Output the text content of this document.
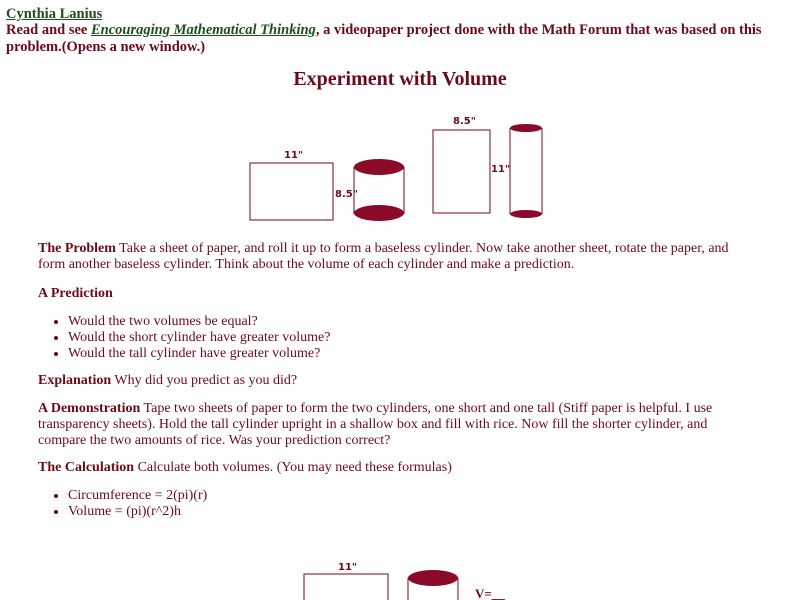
Cynthia Lanius
Read and see Encouraging Mathematical Thinking, a videopaper project done with the Math Forum that was based on this problem.(Opens a new window.)
Experiment with Volume
11"
8.5"
8.5"
11"
The Problem Take a sheet of paper, and roll it up to form a baseless cylinder. Now take another sheet, rotate the paper, and form another baseless cylinder. Think about the volume of each cylinder and make a prediction.
A Prediction
• Would the two volumes be equal?
• Would the short cylinder have greater volume?
• Would the tall cylinder have greater volume?
Explanation Why did you predict as you did?
A Demonstration Tape two sheets of paper to form the two cylinders, one short and one tall (Stiff paper is helpful. I use transparency sheets). Hold the tall cylinder upright in a shallow box and fill with rice. Now fill the shorter cylinder, and compare the two amounts of rice. Was your prediction correct?
The Calculation Calculate both volumes. (You may need these formulas)
• Circumference = 2(pi)(r)
• Volume = (pi)(r^2)h
11"
V=__
